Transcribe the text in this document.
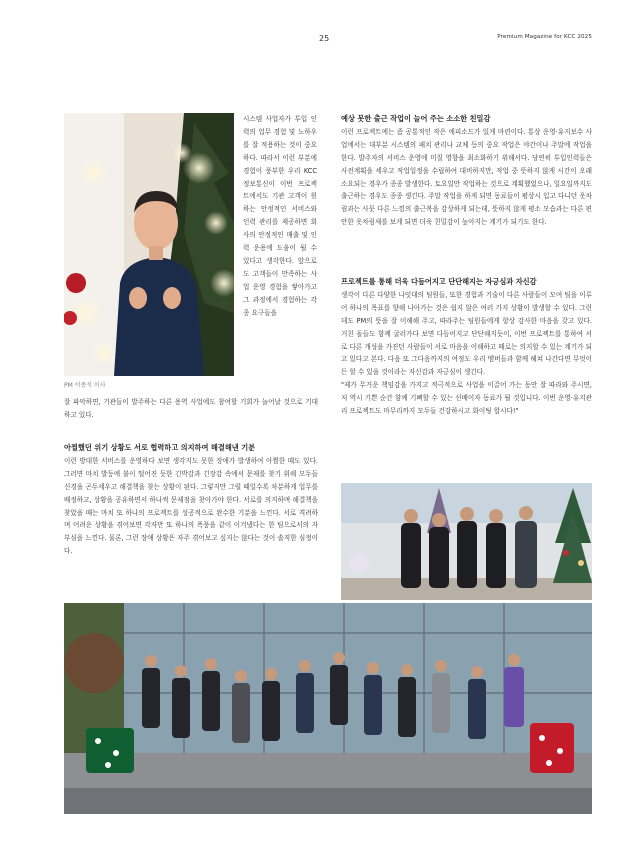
25	Premium Magazine for KCC 2025
PM 이종석 이사

시스템 사업자가 투입 인력의 업무 경험 및 노하우를 잘 적용하는 것이 중요하다. 따라서 이런 부분에 경험이 풍부한 우리 KCC정보통신이 이번 프로젝트에서도 기관 고객이 원하는 안정적인 서비스와 인력 관리를 제공하면 회사의 안정적인 매출 및 인력 운용에 도움이 될 수 있다고 생각한다. 앞으로도 고객들이 만족하는 사업 운영 경험을 쌓아가고 그 과정에서 경험하는 각종 요구들을

잘 파악하면, 기관들이 발주하는 다른 용역 사업에도 참여할 기회가 늘어날 것으로 기대하고 있다.

아찔했던 위기 상황도 서로 협력하고 의지하여 해결해낸 기분

이런 방대한 서비스를 운영하다 보면 생각지도 못한 장애가 발생하여 아찔한 때도 있다. 그러면 마치 발등에 불이 떨어진 듯한 긴박감과 긴장감 속에서 문제를 찾기 위해 모두들 신경을 곤두세우고 해결책을 찾는 상황이 된다. 그렇지만 그럴 때일수록 차분하게 업무를 배정하고, 상황을 공유하면서 하나씩 문제점을 찾아가야 한다. 서로를 의지하며 해결책을 찾았을 때는 마치 또 하나의 프로젝트를 성공적으로 완수한 기분을 느낀다. 서로 격려하며 어려운 상황을 겪어보면 각자만 또 하나의 폭풍을 같이 이겨냈다는 한 팀으로서의 자부심을 느낀다. 물론, 그런 장애 상황은 자주 겪어보고 싶지는 않다는 것이 솔직한 심정이다.

예상 못한 출근 작업이 늘어 주는 소소한 친밀감

이런 프로젝트에는 좀 공통적인 작은 에피소드가 있게 마련이다. 통상 운영·유지보수 사업에서는 대부분 시스템의 패치 관리나 교체 등의 중요 작업은 야간이나 주말에 작업을 한다. 발주자의 서비스 운영에 미칠 영향을 최소화하기 위해서다. 당연히 투입인력들은 사전계획을 세우고 작업일정을 수립하여 대비하지만, 작업 중 뜻하지 않게 시간이 오래 소요되는 경우가 종종 발생한다. 토요일만 작업하는 것으로 계획했었으나, 일요일까지도 출근하는 경우도 종종 생긴다. 주말 작업을 하게 되면 동료들이 평상시 입고 다니던 옷차림과는 사뭇 다른 느낌의 출근복을 감상하게 되는데, 뜻하지 않게 평소 모습과는 다른 편안한 옷차림새를 보게 되면 더욱 친밀감이 높아지는 계기가 되기도 한다.

프로젝트를 통해 더욱 다듬어지고 단단해지는 자긍심과 자신감

생각이 다른 다양한 나잇대의 팀원들, 또한 경험과 기술이 다른 사람들이 모여 팀을 이루어 하나의 목표를 향해 나아가는 것은 쉽지 않은 여러 가지 상황이 발생할 수 있다. 그런데도 PM의 뜻을 잘 이해해 주고, 따라주는 팀원들에게 항상 감사한 마음을 갖고 있다. 거친 돌들도 함께 굴러가다 보면 다듬어지고 단단해지듯이, 이번 프로젝트를 통하여 서로 다른 개성을 가진던 사람들이 서로 마음을 이해하고 때로는 의지할 수 있는 계기가 되고 있다고 본다. 다음 또 그다음까지의 여정도 우리 멤버들과 함께 헤쳐 나간다면 무엇이든 할 수 있을 것이라는 자신감과 자긍심이 생긴다.

"제가 무거운 책임감을 가지고 적극적으로 사업을 이끌어 가는 동안 잘 따라와 주시면, 저 역시 기쁜 순간 함께 기뻐할 수 있는 선배이자 동료가 될 것입니다. 이번 운영·유지관리 프로젝트도 마무리까지 모두들 건강하시고 화이팅 합시다!"
